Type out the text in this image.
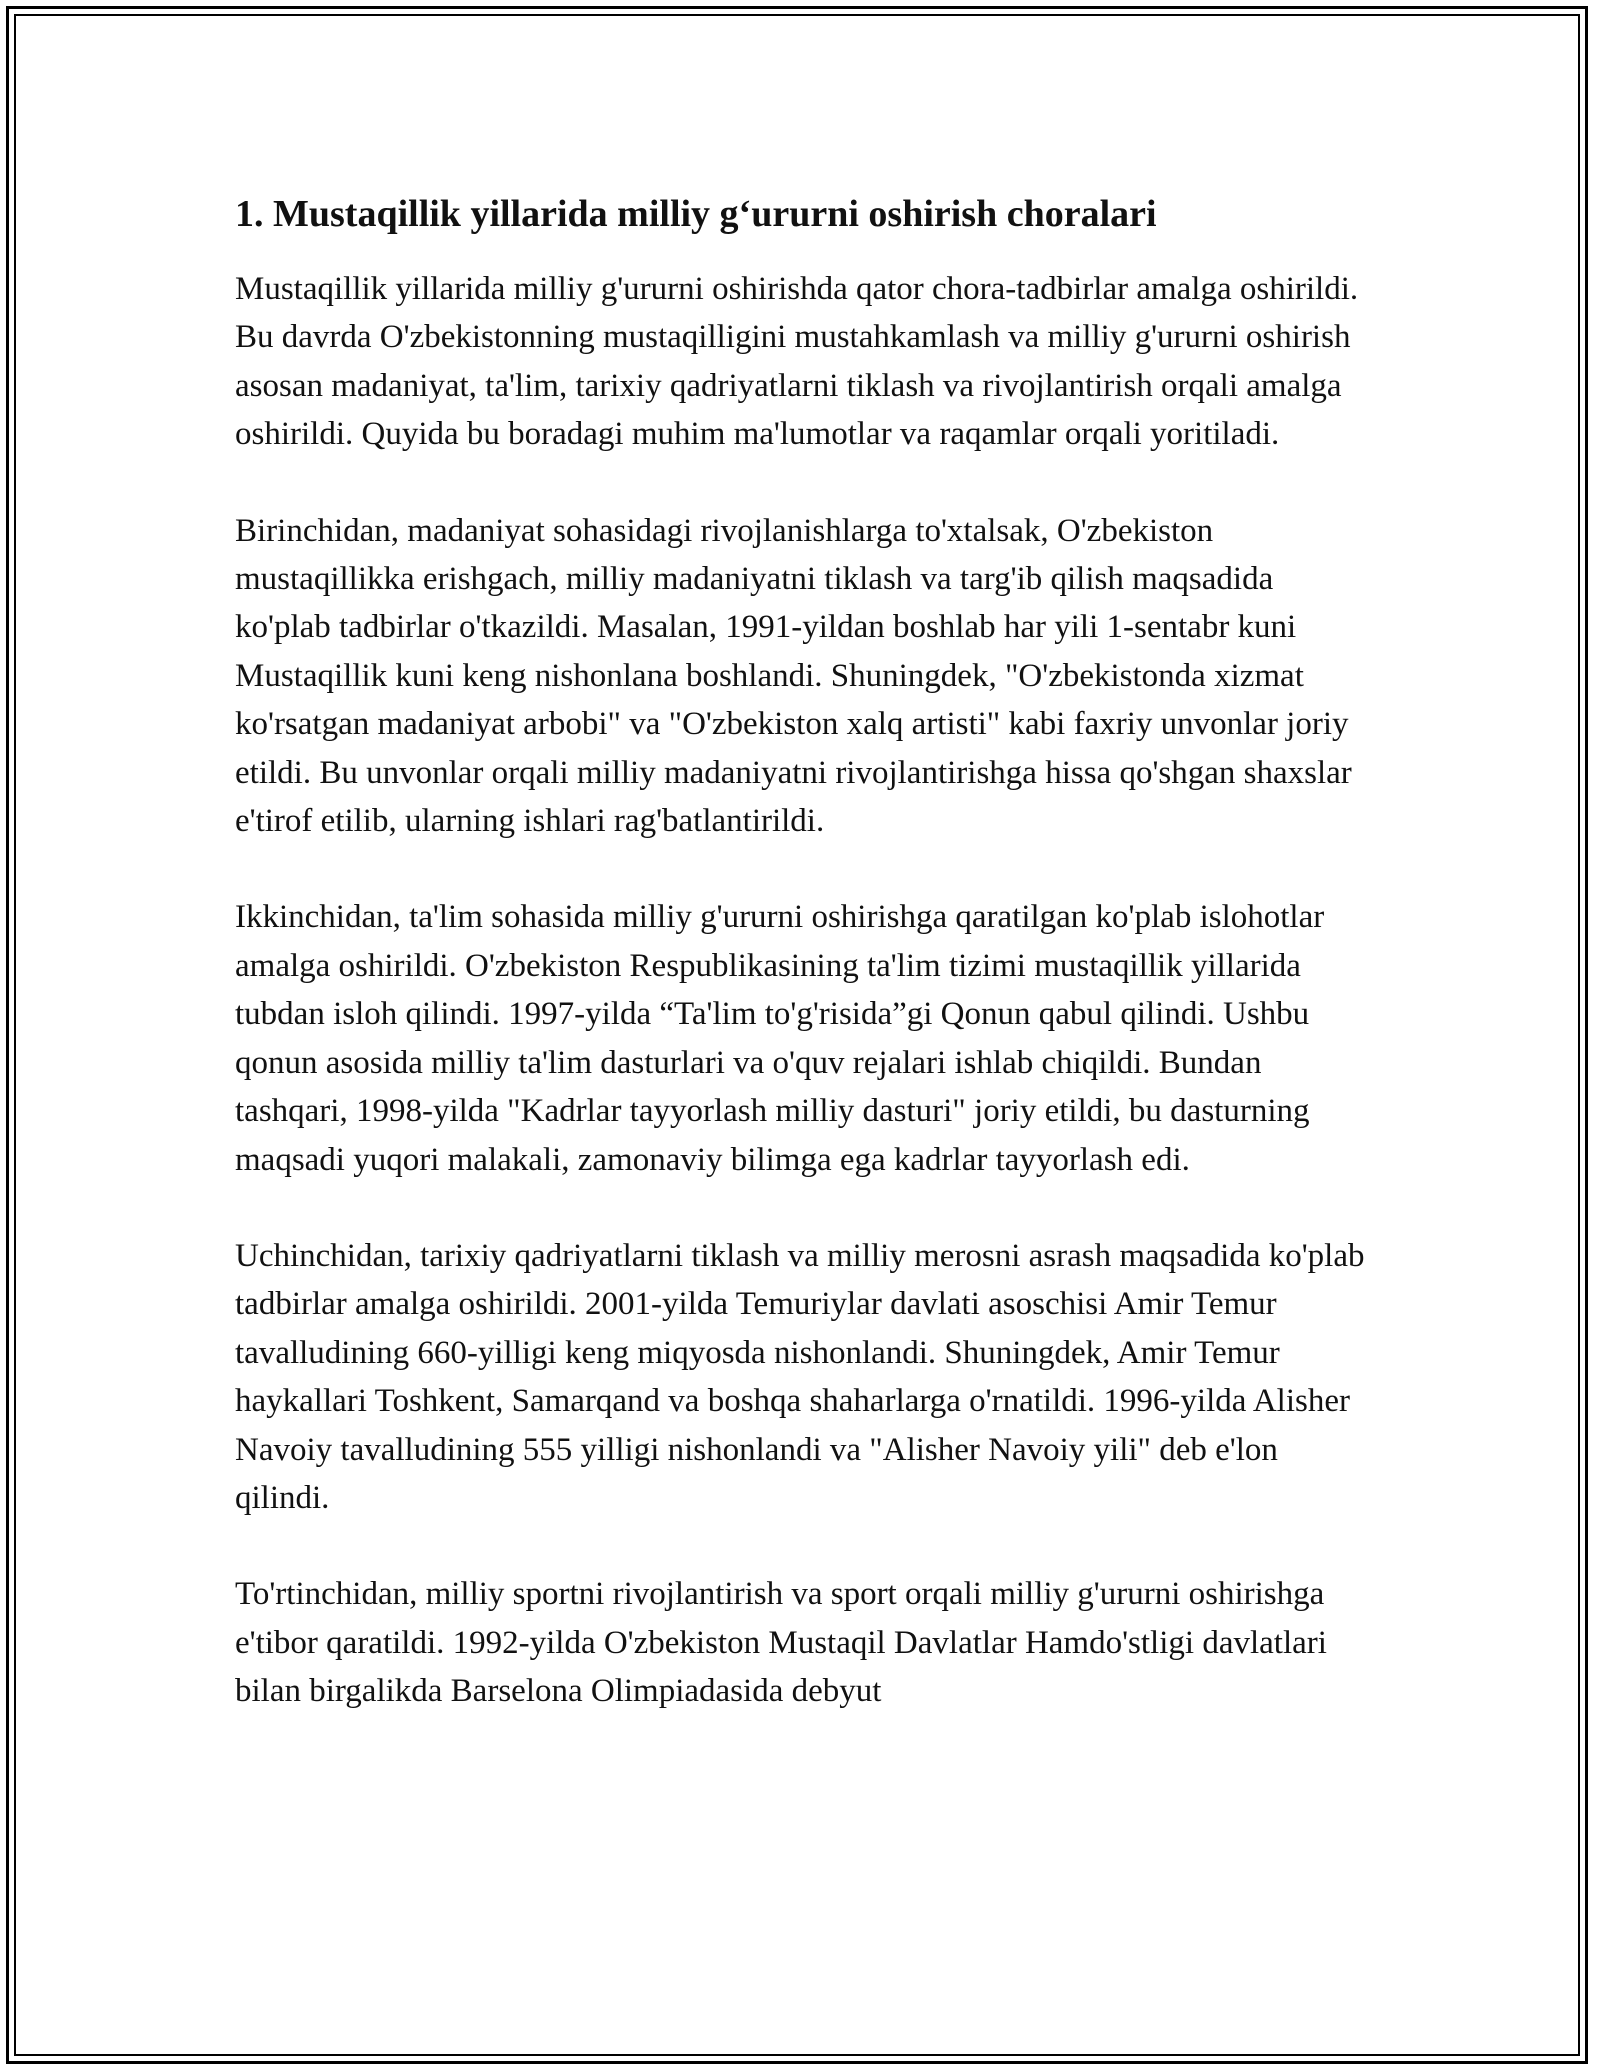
1. Mustaqillik yillarida milliy g‘ururni oshirish choralari

Mustaqillik yillarida milliy g'ururni oshirishda qator chora-tadbirlar amalga oshirildi. Bu davrda O'zbekistonning mustaqilligini mustahkamlash va milliy g'ururni oshirish asosan madaniyat, ta'lim, tarixiy qadriyatlarni tiklash va rivojlantirish orqali amalga oshirildi. Quyida bu boradagi muhim ma'lumotlar va raqamlar orqali yoritiladi.

Birinchidan, madaniyat sohasidagi rivojlanishlarga to'xtalsak, O'zbekiston mustaqillikka erishgach, milliy madaniyatni tiklash va targ'ib qilish maqsadida ko'plab tadbirlar o'tkazildi. Masalan, 1991-yildan boshlab har yili 1-sentabr kuni Mustaqillik kuni keng nishonlana boshlandi. Shuningdek, "O'zbekistonda xizmat ko'rsatgan madaniyat arbobi" va "O'zbekiston xalq artisti" kabi faxriy unvonlar joriy etildi. Bu unvonlar orqali milliy madaniyatni rivojlantirishga hissa qo'shgan shaxslar e'tirof etilib, ularning ishlari rag'batlantirildi.

Ikkinchidan, ta'lim sohasida milliy g'ururni oshirishga qaratilgan ko'plab islohotlar amalga oshirildi. O'zbekiston Respublikasining ta'lim tizimi mustaqillik yillarida tubdan isloh qilindi. 1997-yilda “Ta'lim to'g'risida”gi Qonun qabul qilindi. Ushbu qonun asosida milliy ta'lim dasturlari va o'quv rejalari ishlab chiqildi. Bundan tashqari, 1998-yilda "Kadrlar tayyorlash milliy dasturi" joriy etildi, bu dasturning maqsadi yuqori malakali, zamonaviy bilimga ega kadrlar tayyorlash edi.

Uchinchidan, tarixiy qadriyatlarni tiklash va milliy merosni asrash maqsadida ko'plab tadbirlar amalga oshirildi. 2001-yilda Temuriylar davlati asoschisi Amir Temur tavalludining 660-yilligi keng miqyosda nishonlandi. Shuningdek, Amir Temur haykallari Toshkent, Samarqand va boshqa shaharlarga o'rnatildi. 1996-yilda Alisher Navoiy tavalludining 555 yilligi nishonlandi va "Alisher Navoiy yili" deb e'lon qilindi.

To'rtinchidan, milliy sportni rivojlantirish va sport orqali milliy g'ururni oshirishga e'tibor qaratildi. 1992-yilda O'zbekiston Mustaqil Davlatlar Hamdo'stligi davlatlari bilan birgalikda Barselona Olimpiadasida debyut
